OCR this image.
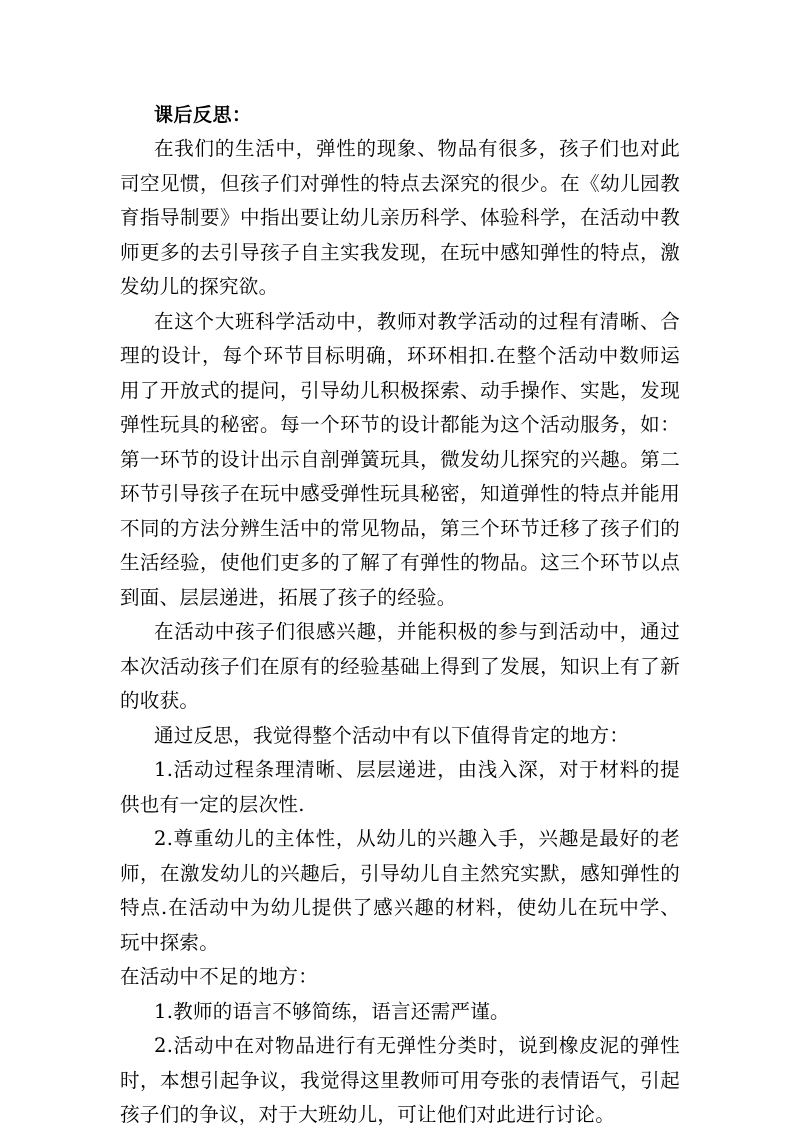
课后反思：

在我们的生活中，弹性的现象、物品有很多，孩子们也对此司空见惯，但孩子们对弹性的特点去深究的很少。在《幼儿园教育指导制要》中指出要让幼儿亲历科学、体验科学，在活动中教师更多的去引导孩子自主实我发现，在玩中感知弹性的特点，激发幼儿的探究欲。

在这个大班科学活动中，教师对教学活动的过程有清晰、合理的设计，每个环节目标明确，环环相扣.在整个活动中数师运用了开放式的提问，引导幼儿积极探索、动手操作、实匙，发现弹性玩具的秘密。每一个环节的设计都能为这个活动服务，如：第一环节的设计出示自剖弹簧玩具，微发幼儿探究的兴趣。第二环节引导孩子在玩中感受弹性玩具秘密，知道弹性的特点并能用不同的方法分辨生活中的常见物品，第三个环节迁移了孩子们的生活经验，使他们吏多的了解了有弹性的物品。这三个环节以点到面、层层递进，拓展了孩子的经验。

在活动中孩子们很感兴趣，并能积极的参与到活动中，通过本次活动孩子们在原有的经验基础上得到了发展，知识上有了新的收获。

通过反思，我觉得整个活动中有以下值得肯定的地方：

1.活动过程条理清晰、层层递进，由浅入深，对于材料的提供也有一定的层次性.

2.尊重幼儿的主体性，从幼儿的兴趣入手，兴趣是最好的老师，在激发幼儿的兴趣后，引导幼儿自主然究实默，感知弹性的特点.在活动中为幼儿提供了感兴趣的材料，使幼儿在玩中学、玩中探索。

在活动中不足的地方：

1.教师的语言不够简练，语言还需严谨。

2.活动中在对物品进行有无弹性分类时，说到橡皮泥的弹性时，本想引起争议，我觉得这里教师可用夸张的表情语气，引起孩子们的争议，对于大班幼儿，可让他们对此进行讨论。
